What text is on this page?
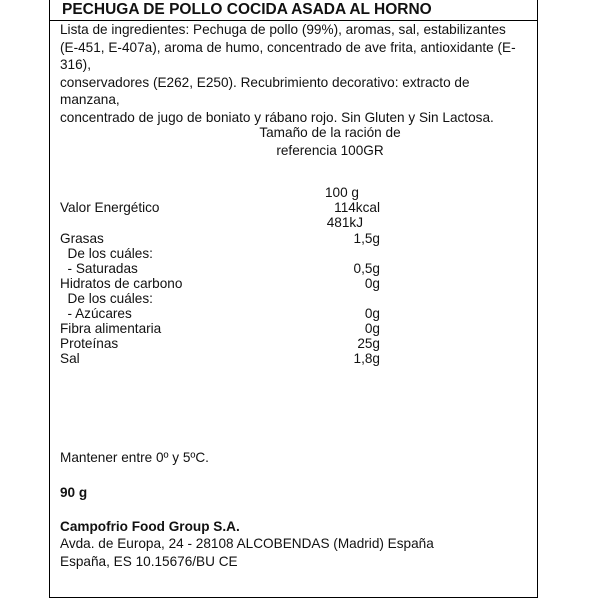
PECHUGA DE POLLO COCIDA ASADA AL HORNO
Lista de ingredientes: Pechuga de pollo (99%), aromas, sal, estabilizantes
(E-451, E-407a), aroma de humo, concentrado de ave frita, antioxidante (E-316),
conservadores (E262, E250). Recubrimiento decorativo: extracto de manzana,
concentrado de jugo de boniato y rábano rojo. Sin Gluten y Sin Lactosa.
Tamaño de la ración de
referencia 100GR
100 g
Valor Energético	114kcal
481kJ
Grasas	1,5g
De los cuáles:
- Saturadas	0,5g
Hidratos de carbono	0g
De los cuáles:
- Azúcares	0g
Fibra alimentaria	0g
Proteínas	25g
Sal	1,8g
Mantener entre 0º y 5ºC.
90 g
Campofrio Food Group S.A.
Avda. de Europa, 24 - 28108 ALCOBENDAS (Madrid) España
España, ES 10.15676/BU CE
